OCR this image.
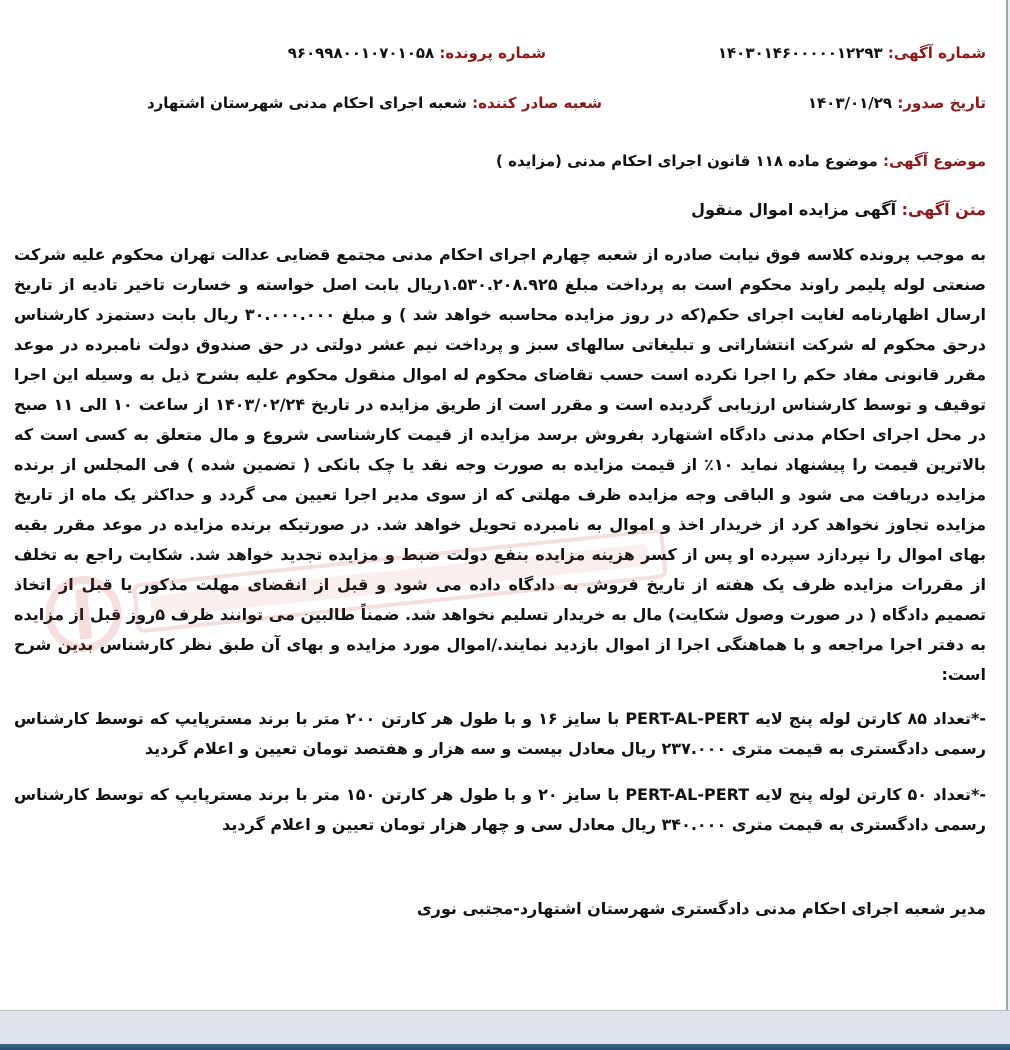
شماره آگهی: ۱۴۰۳۰۱۴۶۰۰۰۰۰۱۲۲۹۳
شماره پرونده: ۹۶۰۹۹۸۰۰۱۰۷۰۱۰۵۸
تاریخ صدور: ۱۴۰۳/۰۱/۲۹
شعبه صادر کننده: شعبه اجرای احکام مدنی شهرستان اشتهارد
موضوع آگهی: موضوع ماده ۱۱۸ قانون اجرای احکام مدنی (مزایده )
متن آگهی: آگهی مزایده اموال منقول
به موجب پرونده کلاسه فوق نیابت صادره از شعبه چهارم اجرای احکام مدنی مجتمع قضایی عدالت تهران محکوم علیه شرکت صنعتی لوله پلیمر راوند محکوم است به پرداخت مبلغ ۱.۵۳۰.۲۰۸.۹۲۵ریال بابت اصل خواسته و خسارت تاخیر تادیه از تاریخ ارسال اظهارنامه لغایت اجرای حکم(که در روز مزایده محاسبه خواهد شد ) و مبلغ ۳۰.۰۰۰.۰۰۰ ریال بابت دستمزد کارشناس درحق محکوم له شرکت انتشاراتی و تبلیغاتی سالهای سبز و پرداخت نیم عشر دولتی در حق صندوق دولت نامبرده در موعد مقرر قانونی مفاد حکم را اجرا نکرده است حسب تقاضای محکوم له اموال منقول محکوم علیه بشرح ذیل به وسیله این اجرا توقیف و توسط کارشناس ارزیابی گردیده است و مقرر است از طریق مزایده در تاریخ ۱۴۰۳/۰۲/۲۴ از ساعت ۱۰ الی ۱۱ صبح در محل اجرای احکام مدنی دادگاه اشتهارد بفروش برسد مزایده از قیمت کارشناسی شروع و مال متعلق به کسی است که بالاترین قیمت را پیشنهاد نماید ۱۰٪ از قیمت مزایده به صورت وجه نقد یا چک بانکی ( تضمین شده ) فی المجلس از برنده مزایده دریافت می شود و الباقی وجه مزایده ظرف مهلتی که از سوی مدیر اجرا تعیین می گردد و حداکثر یک ماه از تاریخ مزایده تجاوز نخواهد کرد از خریدار اخذ و اموال به نامبرده تحویل خواهد شد. در صورتیکه برنده مزایده در موعد مقرر بقیه بهای اموال را نپردازد سپرده او پس از کسر هزینه مزایده بنفع دولت ضبط و مزایده تجدید خواهد شد. شکایت راجع به تخلف از مقررات مزایده ظرف یک هفته از تاریخ فروش به دادگاه داده می شود و قبل از انقضای مهلت مذکور یا قبل از اتخاذ تصمیم دادگاه ( در صورت وصول شکایت) مال به خریدار تسلیم نخواهد شد. ضمناً طالبین می توانند ظرف ۵روز قبل از مزایده به دفتر اجرا مراجعه و با هماهنگی اجرا از اموال بازدید نمایند./اموال مورد مزایده و بهای آن طبق نظر کارشناس بدین شرح است:
-*تعداد ۸۵ کارتن لوله پنج لایه PERT-AL-PERT با سایز ۱۶ و با طول هر کارتن ۲۰۰ متر با برند مسترپایپ که توسط کارشناس رسمی دادگستری به قیمت متری ۲۳۷.۰۰۰ ریال معادل بیست و سه هزار و هفتصد تومان تعیین و اعلام گردید
-*تعداد ۵۰ کارتن لوله پنج لایه PERT-AL-PERT با سایز ۲۰ و با طول هر کارتن ۱۵۰ متر با برند مسترپایپ که توسط کارشناس رسمی دادگستری به قیمت متری ۳۴۰.۰۰۰ ریال معادل سی و چهار هزار تومان تعیین و اعلام گردید
مدیر شعبه اجرای احکام مدنی دادگستری شهرستان اشتهارد-مجتبی نوری
